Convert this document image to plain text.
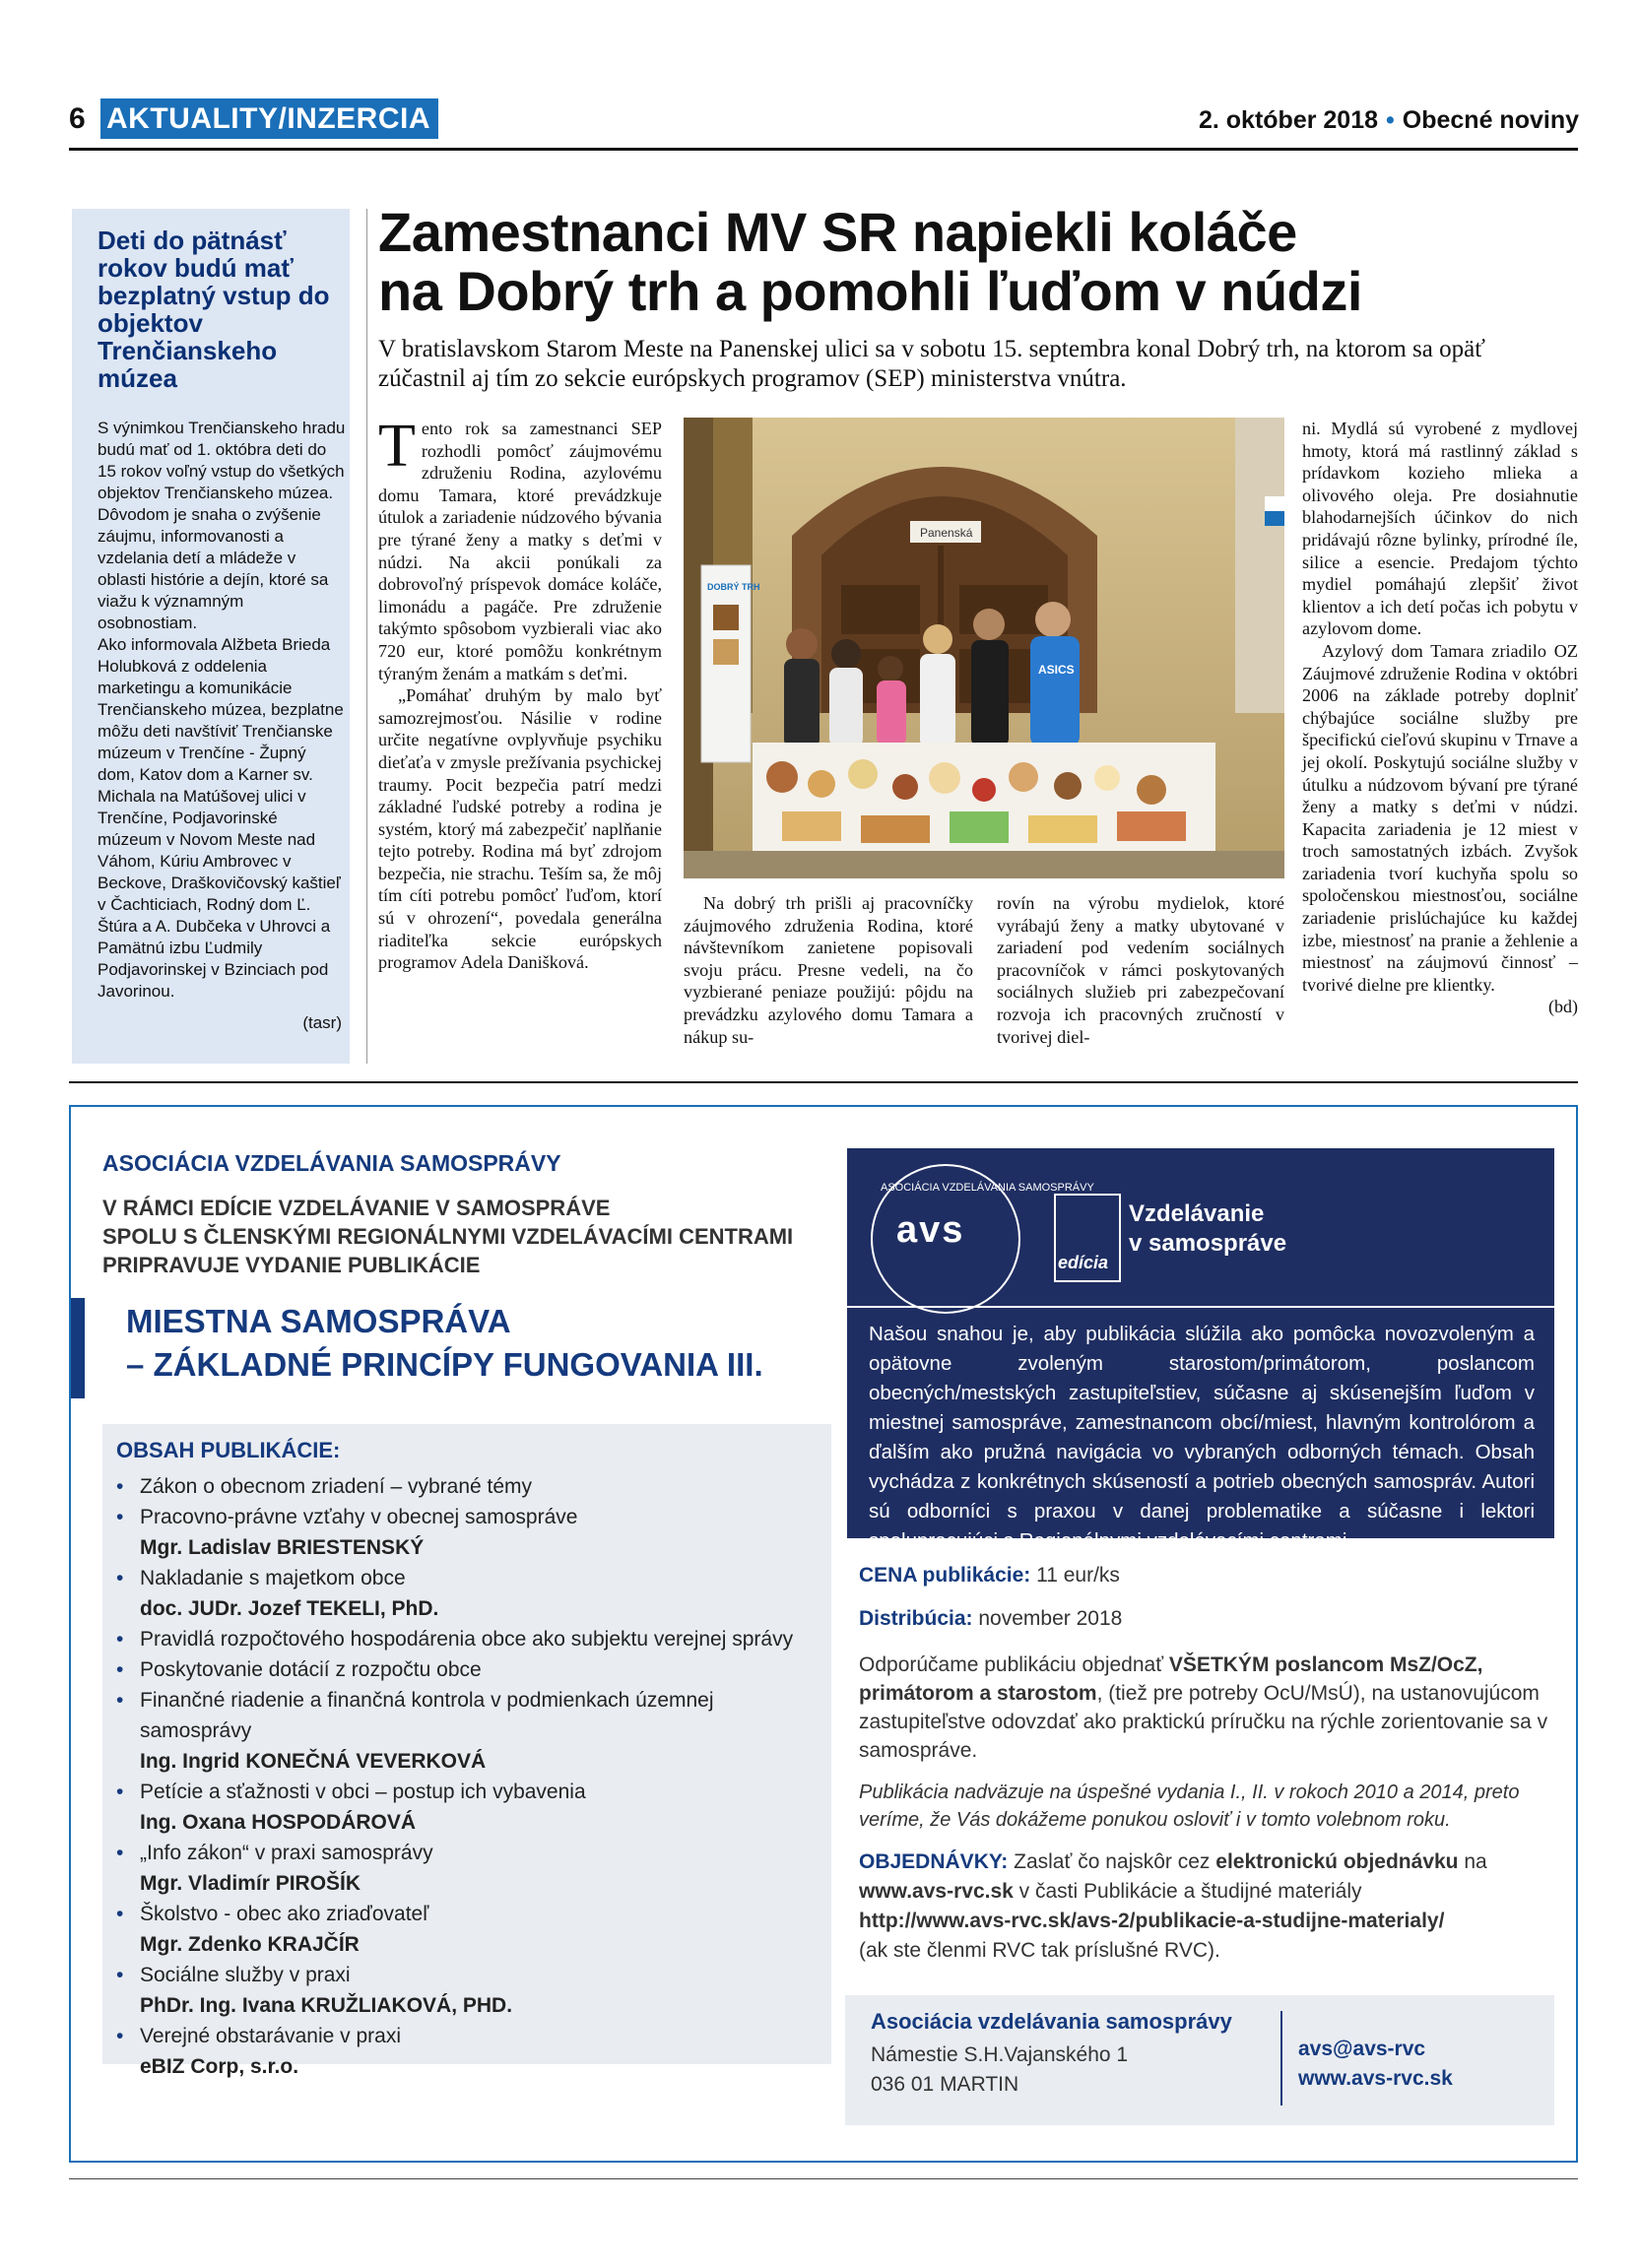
6 AKTUALITY/INZERCIA	2. október 2018 • Obecné noviny
Deti do pätnásť rokov budú mať bezplatný vstup do objektov Trenčianskeho múzea

S výnimkou Trenčianskeho hradu budú mať od 1. októbra deti do 15 rokov voľný vstup do všetkých objektov Trenčianskeho múzea. Dôvodom je snaha o zvýšenie záujmu, informovanosti a vzdelania detí a mládeže v oblasti histórie a dejín, ktoré sa viažu k významným osobnostiam.

Ako informovala Alžbeta Brieda Holubková z oddelenia marketingu a komunikácie Trenčianskeho múzea, bezplatne môžu deti navštíviť Trenčianske múzeum v Trenčíne - Župný dom, Katov dom a Karner sv. Michala na Matúšovej ulici v Trenčíne, Podjavorinské múzeum v Novom Meste nad Váhom, Kúriu Ambrovec v Beckove, Draškovičovský kaštieľ v Čachticiach, Rodný dom Ľ. Štúra a A. Dubčeka v Uhrovci a Pamätnú izbu Ľudmily Podjavorinskej v Bzinciach pod Javorinou.

(tasr)
Zamestnanci MV SR napiekli koláče
na Dobrý trh a pomohli ľuďom v núdzi
V bratislavskom Starom Meste na Panenskej ulici sa v sobotu 15. septembra konal Dobrý trh, na ktorom sa opäť zúčastnil aj tím zo sekcie európskych programov (SEP) ministerstva vnútra.

Tento rok sa zamestnanci SEP rozhodli pomôcť záujmovému združeniu Rodina, azylovému domu Tamara, ktoré prevádzkuje útulok a zariadenie núdzového bývania pre týrané ženy a matky s deťmi v núdzi. Na akcii ponúkali za dobrovoľný príspevok domáce koláče, limonádu a pagáče. Pre združenie takýmto spôsobom vyzbierali viac ako 720 eur, ktoré pomôžu konkrétnym týraným ženám a matkám s deťmi.

„Pomáhať druhým by malo byť samozrejmosťou. Násilie v rodine určite negatívne ovplyvňuje psychiku dieťaťa v zmysle prežívania psychickej traumy. Pocit bezpečia patrí medzi základné ľudské potreby a rodina je systém, ktorý má zabezpečiť naplňanie tejto potreby. Rodina má byť zdrojom bezpečia, nie strachu. Teším sa, že môj tím cíti potrebu pomôcť ľuďom, ktorí sú v ohrození“, povedala generálna riaditeľka sekcie európskych programov Adela Danišková.

Panenská
DOBRÝ TRH
ASICS

Na dobrý trh prišli aj pracovníčky záujmového združenia Rodina, ktoré návštevníkom zanietene popisovali svoju prácu. Presne vedeli, na čo vyzbierané peniaze použijú: pôjdu na prevádzku azylového domu Tamara a nákup su-

rovín na výrobu mydielok, ktoré vyrábajú ženy a matky ubytované v zariadení pod vedením sociálnych pracovníčok v rámci poskytovaných sociálnych služieb pri zabezpečovaní rozvoja ich pracovných zručností v tvorivej diel-

ni. Mydlá sú vyrobené z mydlovej hmoty, ktorá má rastlinný základ s prídavkom kozieho mlieka a olivového oleja. Pre dosiahnutie blahodarnejších účinkov do nich pridávajú rôzne bylinky, prírodné íle, silice a esencie. Predajom týchto mydiel pomáhajú zlepšiť život klientov a ich detí počas ich pobytu v azylovom dome.

Azylový dom Tamara zriadilo OZ Záujmové združenie Rodina v októbri 2006 na základe potreby doplniť chýbajúce sociálne služby pre špecifickú cieľovú skupinu v Trnave a jej okolí. Poskytujú sociálne služby v útulku a núdzovom bývaní pre týrané ženy a matky s deťmi v núdzi. Kapacita zariadenia je 12 miest v troch samostatných izbách. Zvyšok zariadenia tvorí kuchyňa spolu so spoločenskou miestnosťou, sociálne zariadenie prislúchajúce ku každej izbe, miestnosť na pranie a žehlenie a miestnosť na záujmovú činnosť – tvorivé dielne pre klientky.

(bd)
ASOCIÁCIA VZDELÁVANIA SAMOSPRÁVY
V RÁMCI EDÍCIE VZDELÁVANIE V SAMOSPRÁVE
SPOLU S ČLENSKÝMI REGIONÁLNYMI VZDELÁVACÍMI CENTRAMI
PRIPRAVUJE VYDANIE PUBLIKÁCIE
MIESTNA SAMOSPRÁVA
– ZÁKLADNÉ PRINCÍPY FUNGOVANIA III.
OBSAH PUBLIKÁCIE:
• Zákon o obecnom zriadení – vybrané témy
• Pracovno-právne vzťahy v obecnej samospráve
Mgr. Ladislav BRIESTENSKÝ
• Nakladanie s majetkom obce
doc. JUDr. Jozef TEKELI, PhD.
• Pravidlá rozpočtového hospodárenia obce ako subjektu verejnej správy
• Poskytovanie dotácií z rozpočtu obce
• Finančné riadenie a finančná kontrola v podmienkach územnej samosprávy
Ing. Ingrid KONEČNÁ VEVERKOVÁ
• Petície a sťažnosti v obci – postup ich vybavenia
Ing. Oxana HOSPODÁROVÁ
• „Info zákon“ v praxi samosprávy
Mgr. Vladimír PIROŠÍK
• Školstvo - obec ako zriaďovateľ
Mgr. Zdenko KRAJČÍR
• Sociálne služby v praxi
PhDr. Ing. Ivana KRUŽLIAKOVÁ, PHD.
• Verejné obstarávanie v praxi
eBIZ Corp, s.r.o.
ASOCIÁCIA VZDELÁVANIA SAMOSPRÁVY
avs
edícia
Vzdelávanie
v samospráve
Našou snahou je, aby publikácia slúžila ako pomôcka novozvoleným a opätovne zvoleným starostom/primátorom, poslancom obecných/mestských zastupiteľstiev, súčasne aj skúsenejším ľuďom v miestnej samospráve, zamestnancom obcí/miest, hlavným kontrolórom a ďalším ako pružná navigácia vo vybraných odborných témach. Obsah vychádza z konkrétnych skúseností a potrieb obecných samospráv. Autori sú odborníci s praxou v danej problematike a súčasne i lektori spolupracujúci s Regionálnymi vzdelávacími centrami.
CENA publikácie: 11 eur/ks
Distribúcia: november 2018
Odporúčame publikáciu objednať VŠETKÝM poslancom MsZ/OcZ, primátorom a starostom, (tiež pre potreby OcU/MsÚ), na ustanovujúcom zastupiteľstve odovzdať ako praktickú príručku na rýchle zorientovanie sa v samospráve.
Publikácia nadväzuje na úspešné vydania I., II. v rokoch 2010 a 2014, preto veríme, že Vás dokážeme ponukou osloviť i v tomto volebnom roku.
OBJEDNÁVKY: Zaslať čo najskôr cez elektronickú objednávku na
www.avs-rvc.sk v časti Publikácie a študijné materiály
http://www.avs-rvc.sk/avs-2/publikacie-a-studijne-materialy/
(ak ste členmi RVC tak príslušné RVC).
Asociácia vzdelávania samosprávy
Námestie S.H.Vajanského 1
036 01 MARTIN
avs@avs-rvc
www.avs-rvc.sk
